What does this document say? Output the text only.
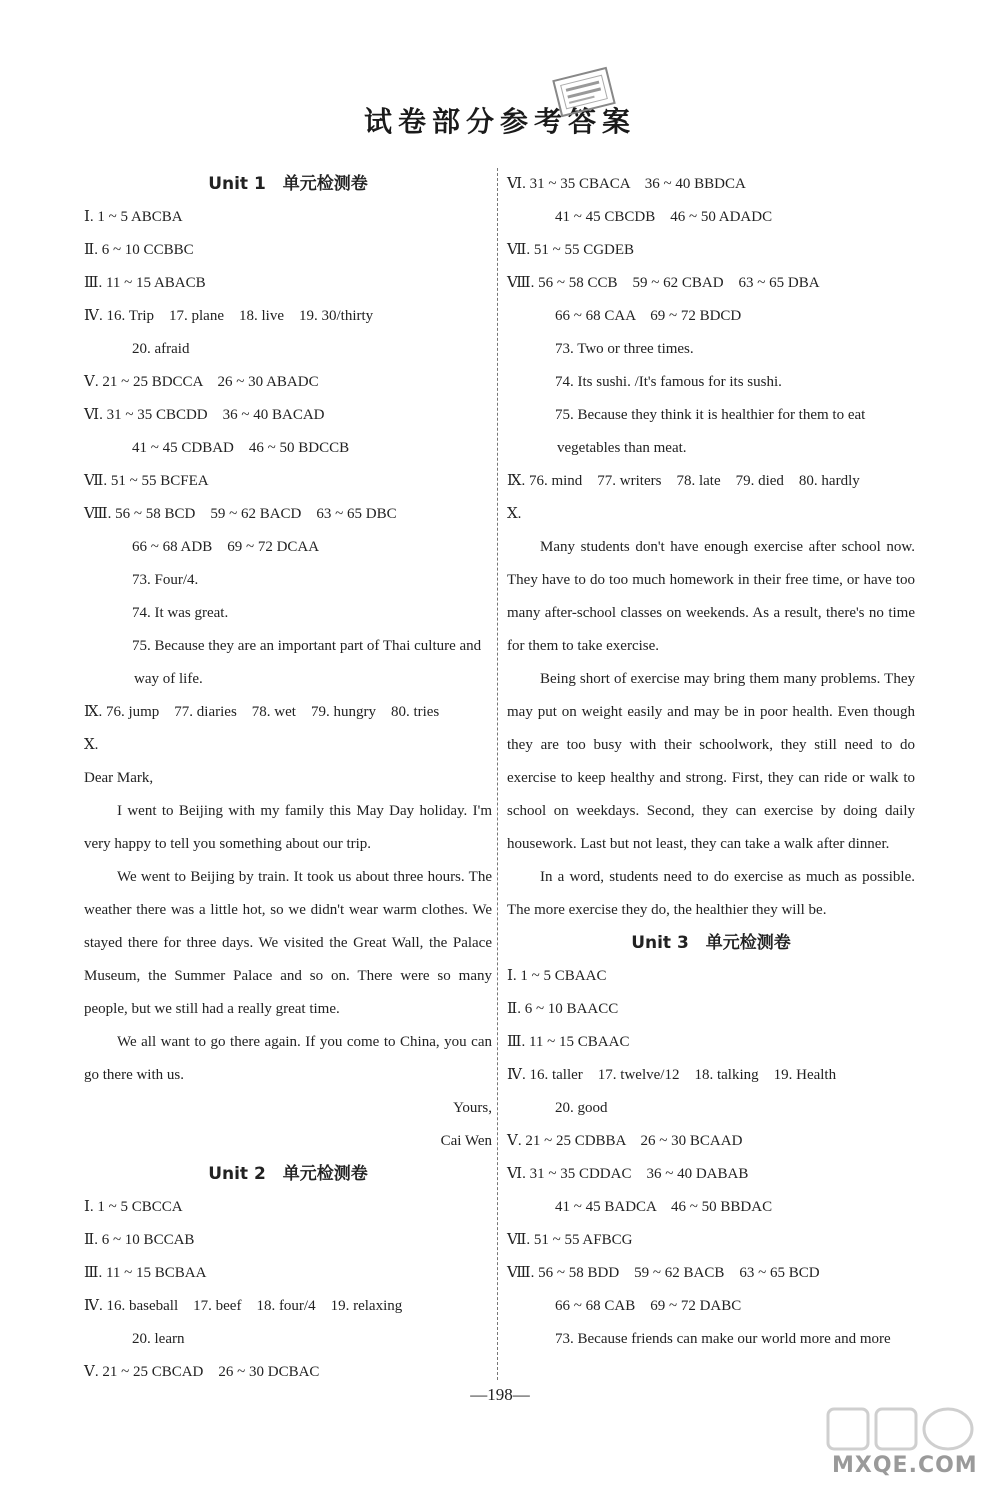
试卷部分参考答案
Unit 1　单元检测卷
Ⅰ. 1 ~ 5 ABCBA
Ⅱ. 6 ~ 10 CCBBC
Ⅲ. 11 ~ 15 ABACB
Ⅳ. 16. Trip　17. plane　18. live　19. 30/thirty
20. afraid
Ⅴ. 21 ~ 25 BDCCA　26 ~ 30 ABADC
Ⅵ. 31 ~ 35 CBCDD　36 ~ 40 BACAD
41 ~ 45 CDBAD　46 ~ 50 BDCCB
Ⅶ. 51 ~ 55 BCFEA
Ⅷ. 56 ~ 58 BCD　59 ~ 62 BACD　63 ~ 65 DBC
66 ~ 68 ADB　69 ~ 72 DCAA
73. Four/4.
74. It was great.
75. Because they are an important part of Thai culture and
way of life.
Ⅸ. 76. jump　77. diaries　78. wet　79. hungry　80. tries
Ⅹ.
Dear Mark,
I went to Beijing with my family this May Day holiday. I'm very happy to tell you something about our trip.
We went to Beijing by train. It took us about three hours. The weather there was a little hot, so we didn't wear warm clothes. We stayed there for three days. We visited the Great Wall, the Palace Museum, the Summer Palace and so on. There were so many people, but we still had a really great time.
We all want to go there again. If you come to China, you can go there with us.
Yours,
Cai Wen
Unit 2　单元检测卷
Ⅰ. 1 ~ 5 CBCCA
Ⅱ. 6 ~ 10 BCCAB
Ⅲ. 11 ~ 15 BCBAA
Ⅳ. 16. baseball　17. beef　18. four/4　19. relaxing
20. learn
Ⅴ. 21 ~ 25 CBCAD　26 ~ 30 DCBAC
Ⅵ. 31 ~ 35 CBACA　36 ~ 40 BBDCA
41 ~ 45 CBCDB　46 ~ 50 ADADC
Ⅶ. 51 ~ 55 CGDEB
Ⅷ. 56 ~ 58 CCB　59 ~ 62 CBAD　63 ~ 65 DBA
66 ~ 68 CAA　69 ~ 72 BDCD
73. Two or three times.
74. Its sushi. /It's famous for its sushi.
75. Because they think it is healthier for them to eat
vegetables than meat.
Ⅸ. 76. mind　77. writers　78. late　79. died　80. hardly
Ⅹ.
Many students don't have enough exercise after school now. They have to do too much homework in their free time, or have too many after-school classes on weekends. As a result, there's no time for them to take exercise.
Being short of exercise may bring them many problems. They may put on weight easily and may be in poor health. Even though they are too busy with their schoolwork, they still need to do exercise to keep healthy and strong. First, they can ride or walk to school on weekdays. Second, they can exercise by doing daily housework. Last but not least, they can take a walk after dinner.
In a word, students need to do exercise as much as possible. The more exercise they do, the healthier they will be.
Unit 3　单元检测卷
Ⅰ. 1 ~ 5 CBAAC
Ⅱ. 6 ~ 10 BAACC
Ⅲ. 11 ~ 15 CBAAC
Ⅳ. 16. taller　17. twelve/12　18. talking　19. Health
20. good
Ⅴ. 21 ~ 25 CDBBA　26 ~ 30 BCAAD
Ⅵ. 31 ~ 35 CDDAC　36 ~ 40 DABAB
41 ~ 45 BADCA　46 ~ 50 BBDAC
Ⅶ. 51 ~ 55 AFBCG
Ⅷ. 56 ~ 58 BDD　59 ~ 62 BACB　63 ~ 65 BCD
66 ~ 68 CAB　69 ~ 72 DABC
73. Because friends can make our world more and more
—198—
MXQE.COM
